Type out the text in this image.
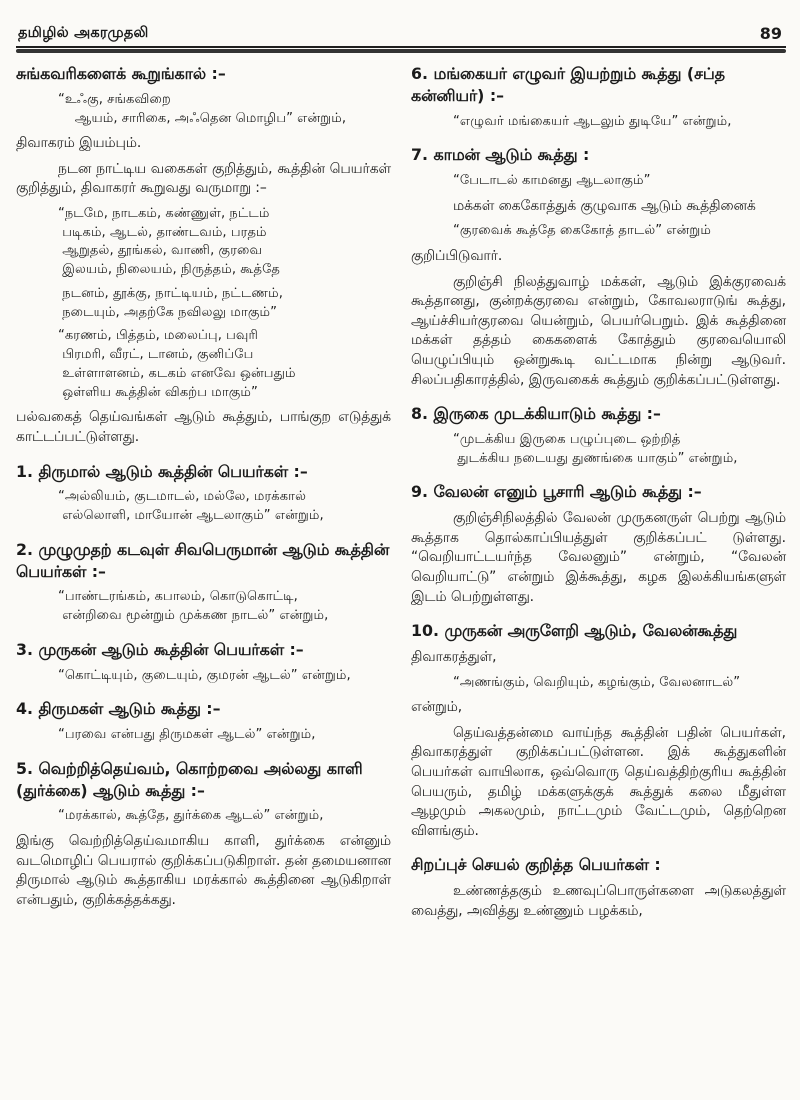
தமிழில் அகரமுதலி	89
சுங்கவரிகளைக் கூறுங்கால் :–
“உஃகு, சங்கவிறை
ஆயம், சாரிகை, அஃதென மொழிப” என்றும்,
திவாகரம் இயம்பும்.
நடன நாட்டிய வகைகள் குறித்தும், கூத்தின் பெயர்கள் குறித்தும், திவாகரர் கூறுவது வருமாறு :–
“நடமே, நாடகம், கண்ணுள், நட்டம்
படிகம், ஆடல், தாண்டவம், பரதம்
ஆறுதல், தூங்கல், வாணி, குரவை
இலயம், நிலையம், நிருத்தம், கூத்தே
நடனம், தூக்கு, நாட்டியம், நட்டணம்,
நடையும், அதற்கே நவிலலு மாகும்”
“கரணம், பித்தம், மலைப்பு, பவுரி
பிரமரி, வீரட், டானம், குனிப்பே
உள்ளாளனம், கடகம் எனவே ஒன்பதும்
ஒள்ளிய கூத்தின் விகற்ப மாகும்”
பல்வகைத் தெய்வங்கள் ஆடும் கூத்தும், பாங்குற எடுத்துக் காட்டப்பட்டுள்ளது.
1. திருமால் ஆடும் கூத்தின் பெயர்கள் :–
“அல்லியம், குடமாடல், மல்லே, மரக்கால்
எல்லொளி, மாயோன் ஆடலாகும்” என்றும்,
2. முழுமுதற் கடவுள் சிவபெருமான் ஆடும் கூத்தின் பெயர்கள் :–
“பாண்டரங்கம், கபாலம், கொடுகொட்டி,
என்றிவை மூன்றும் முக்கண நாடல்” என்றும்,
3. முருகன் ஆடும் கூத்தின் பெயர்கள் :–
“கொட்டியும், குடையும், குமரன் ஆடல்” என்றும்,
4. திருமகள் ஆடும் கூத்து :–
“பரவை என்பது திருமகள் ஆடல்” என்றும்,
5. வெற்றித்தெய்வம், கொற்றவை அல்லது காளி (துர்க்கை) ஆடும் கூத்து :–
“மரக்கால், கூத்தே, துர்க்கை ஆடல்” என்றும்,
இங்கு வெற்றித்தெய்வமாகிய காளி, துர்க்கை என்னும் வடமொழிப் பெயரால் குறிக்கப்படுகிறாள். தன் தமையனான திருமால் ஆடும் கூத்தாகிய மரக்கால் கூத்தினை ஆடுகிறாள் என்பதும், குறிக்கத்தக்கது.
6. மங்கையர் எழுவர் இயற்றும் கூத்து (சப்த கன்னியர்) :–
“எழுவர் மங்கையர் ஆடலும் துடியே” என்றும்,
7. காமன் ஆடும் கூத்து :
“பேடாடல் காமனது ஆடலாகும்”
மக்கள் கைகோத்துக் குழுவாக ஆடும் கூத்தினைக்
“குரவைக் கூத்தே கைகோத் தாடல்” என்றும்
குறிப்பிடுவார்.
குறிஞ்சி நிலத்துவாழ் மக்கள், ஆடும் இக்குரவைக் கூத்தானது, குன்றக்குரவை என்றும், கோவலராடுங் கூத்து, ஆய்ச்சியர்குரவை யென்றும், பெயர்பெறும். இக் கூத்தினை மக்கள் தத்தம் கைகளைக் கோத்தும் குரவையொலி யெழுப்பியும் ஒன்றுகூடி வட்டமாக நின்று ஆடுவர். சிலப்பதிகாரத்தில், இருவகைக் கூத்தும் குறிக்கப்பட்டுள்ளது.
8. இருகை முடக்கியாடும் கூத்து :–
“முடக்கிய இருகை பழுப்புடை ஒற்றித்
துடக்கிய நடையது துணங்கை யாகும்” என்றும்,
9. வேலன் எனும் பூசாரி ஆடும் கூத்து :–
குறிஞ்சிநிலத்தில் வேலன் முருகனருள் பெற்று ஆடும் கூத்தாக தொல்காப்பியத்துள் குறிக்கப்பட் டுள்ளது. “வெறியாட்டயர்ந்த வேலனும்” என்றும், “வேலன் வெறியாட்டு” என்றும் இக்கூத்து, கழக இலக்கியங்களுள் இடம் பெற்றுள்ளது.
10. முருகன் அருளேறி ஆடும், வேலன்கூத்து
திவாகரத்துள்,
“அணங்கும், வெறியும், கழங்கும், வேலனாடல்”
என்றும்,
தெய்வத்தன்மை வாய்ந்த கூத்தின் பதின் பெயர்கள், திவாகரத்துள் குறிக்கப்பட்டுள்ளன. இக் கூத்துகளின் பெயர்கள் வாயிலாக, ஒவ்வொரு தெய்வத்திற்குரிய கூத்தின் பெயரும், தமிழ் மக்களுக்குக் கூத்துக் கலை மீதுள்ள ஆழமும் அகலமும், நாட்டமும் வேட்டமும், தெற்றென விளங்கும்.
சிறப்புச் செயல் குறித்த பெயர்கள் :
உண்ணத்தகும் உணவுப்பொருள்களை அடுகலத்துள் வைத்து, அவித்து உண்ணும் பழக்கம்,
